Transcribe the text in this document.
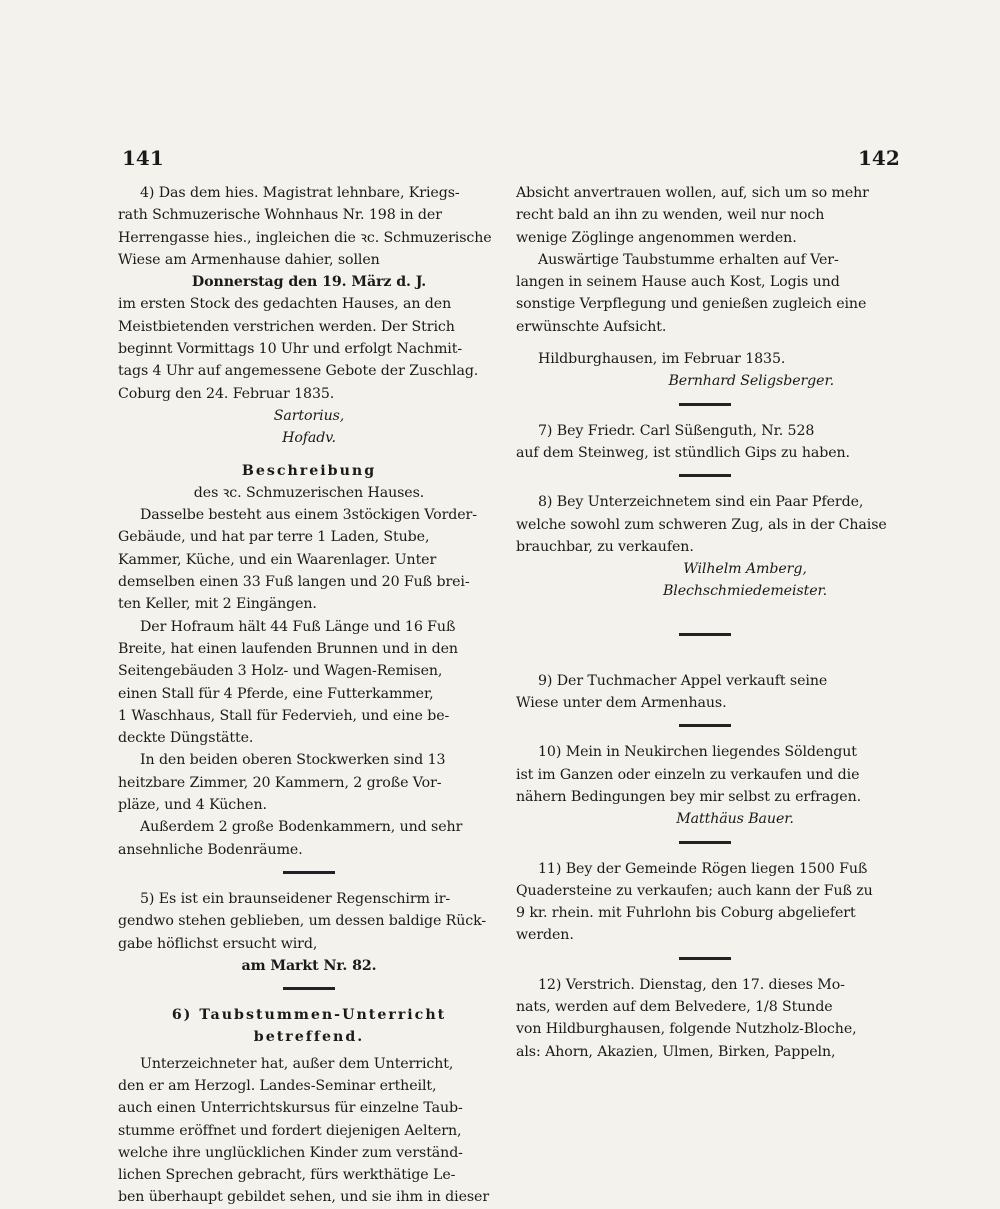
141	142
4) Das dem hies. Magistrat lehnbare, Kriegs-
rath Schmuzerische Wohnhaus Nr. 198 in der
Herrengasse hies., ingleichen die ꝛc. Schmuzerische
Wiese am Armenhause dahier, sollen
Donnerstag den 19. März d. J.
im ersten Stock des gedachten Hauses, an den
Meistbietenden verstrichen werden. Der Strich
beginnt Vormittags 10 Uhr und erfolgt Nachmit-
tags 4 Uhr auf angemessene Gebote der Zuschlag.
Coburg den 24. Februar 1835.
Sartorius,
Hofadv.
Beschreibung
des ꝛc. Schmuzerischen Hauses.
Dasselbe besteht aus einem 3stöckigen Vorder-
Gebäude, und hat par terre 1 Laden, Stube,
Kammer, Küche, und ein Waarenlager. Unter
demselben einen 33 Fuß langen und 20 Fuß brei-
ten Keller, mit 2 Eingängen.
Der Hofraum hält 44 Fuß Länge und 16 Fuß
Breite, hat einen laufenden Brunnen und in den
Seitengebäuden 3 Holz- und Wagen-Remisen,
einen Stall für 4 Pferde, eine Futterkammer,
1 Waschhaus, Stall für Federvieh, und eine be-
deckte Düngstätte.
In den beiden oberen Stockwerken sind 13
heitzbare Zimmer, 20 Kammern, 2 große Vor-
pläze, und 4 Küchen.
Außerdem 2 große Bodenkammern, und sehr
ansehnliche Bodenräume.
5) Es ist ein braunseidener Regenschirm ir-
gendwo stehen geblieben, um dessen baldige Rück-
gabe höflichst ersucht wird,
am Markt Nr. 82.
6) Taubstummen-Unterricht
betreffend.
Unterzeichneter hat, außer dem Unterricht,
den er am Herzogl. Landes-Seminar ertheilt,
auch einen Unterrichtskursus für einzelne Taub-
stumme eröffnet und fordert diejenigen Aeltern,
welche ihre unglücklichen Kinder zum verständ-
lichen Sprechen gebracht, fürs werkthätige Le-
ben überhaupt gebildet sehen, und sie ihm in dieser
Absicht anvertrauen wollen, auf, sich um so mehr
recht bald an ihn zu wenden, weil nur noch
wenige Zöglinge angenommen werden.
Auswärtige Taubstumme erhalten auf Ver-
langen in seinem Hause auch Kost, Logis und
sonstige Verpflegung und genießen zugleich eine
erwünschte Aufsicht.
Hildburghausen, im Februar 1835.
Bernhard Seligsberger.
7) Bey Friedr. Carl Süßenguth, Nr. 528
auf dem Steinweg, ist stündlich Gips zu haben.
8) Bey Unterzeichnetem sind ein Paar Pferde,
welche sowohl zum schweren Zug, als in der Chaise
brauchbar, zu verkaufen.
Wilhelm Amberg,
Blechschmiedemeister.
9) Der Tuchmacher Appel verkauft seine
Wiese unter dem Armenhaus.
10) Mein in Neukirchen liegendes Söldengut
ist im Ganzen oder einzeln zu verkaufen und die
nähern Bedingungen bey mir selbst zu erfragen.
Matthäus Bauer.
11) Bey der Gemeinde Rögen liegen 1500 Fuß
Quadersteine zu verkaufen; auch kann der Fuß zu
9 kr. rhein. mit Fuhrlohn bis Coburg abgeliefert
werden.
12) Verstrich. Dienstag, den 17. dieses Mo-
nats, werden auf dem Belvedere, 1/8 Stunde
von Hildburghausen, folgende Nutzholz-Bloche,
als: Ahorn, Akazien, Ulmen, Birken, Pappeln,
